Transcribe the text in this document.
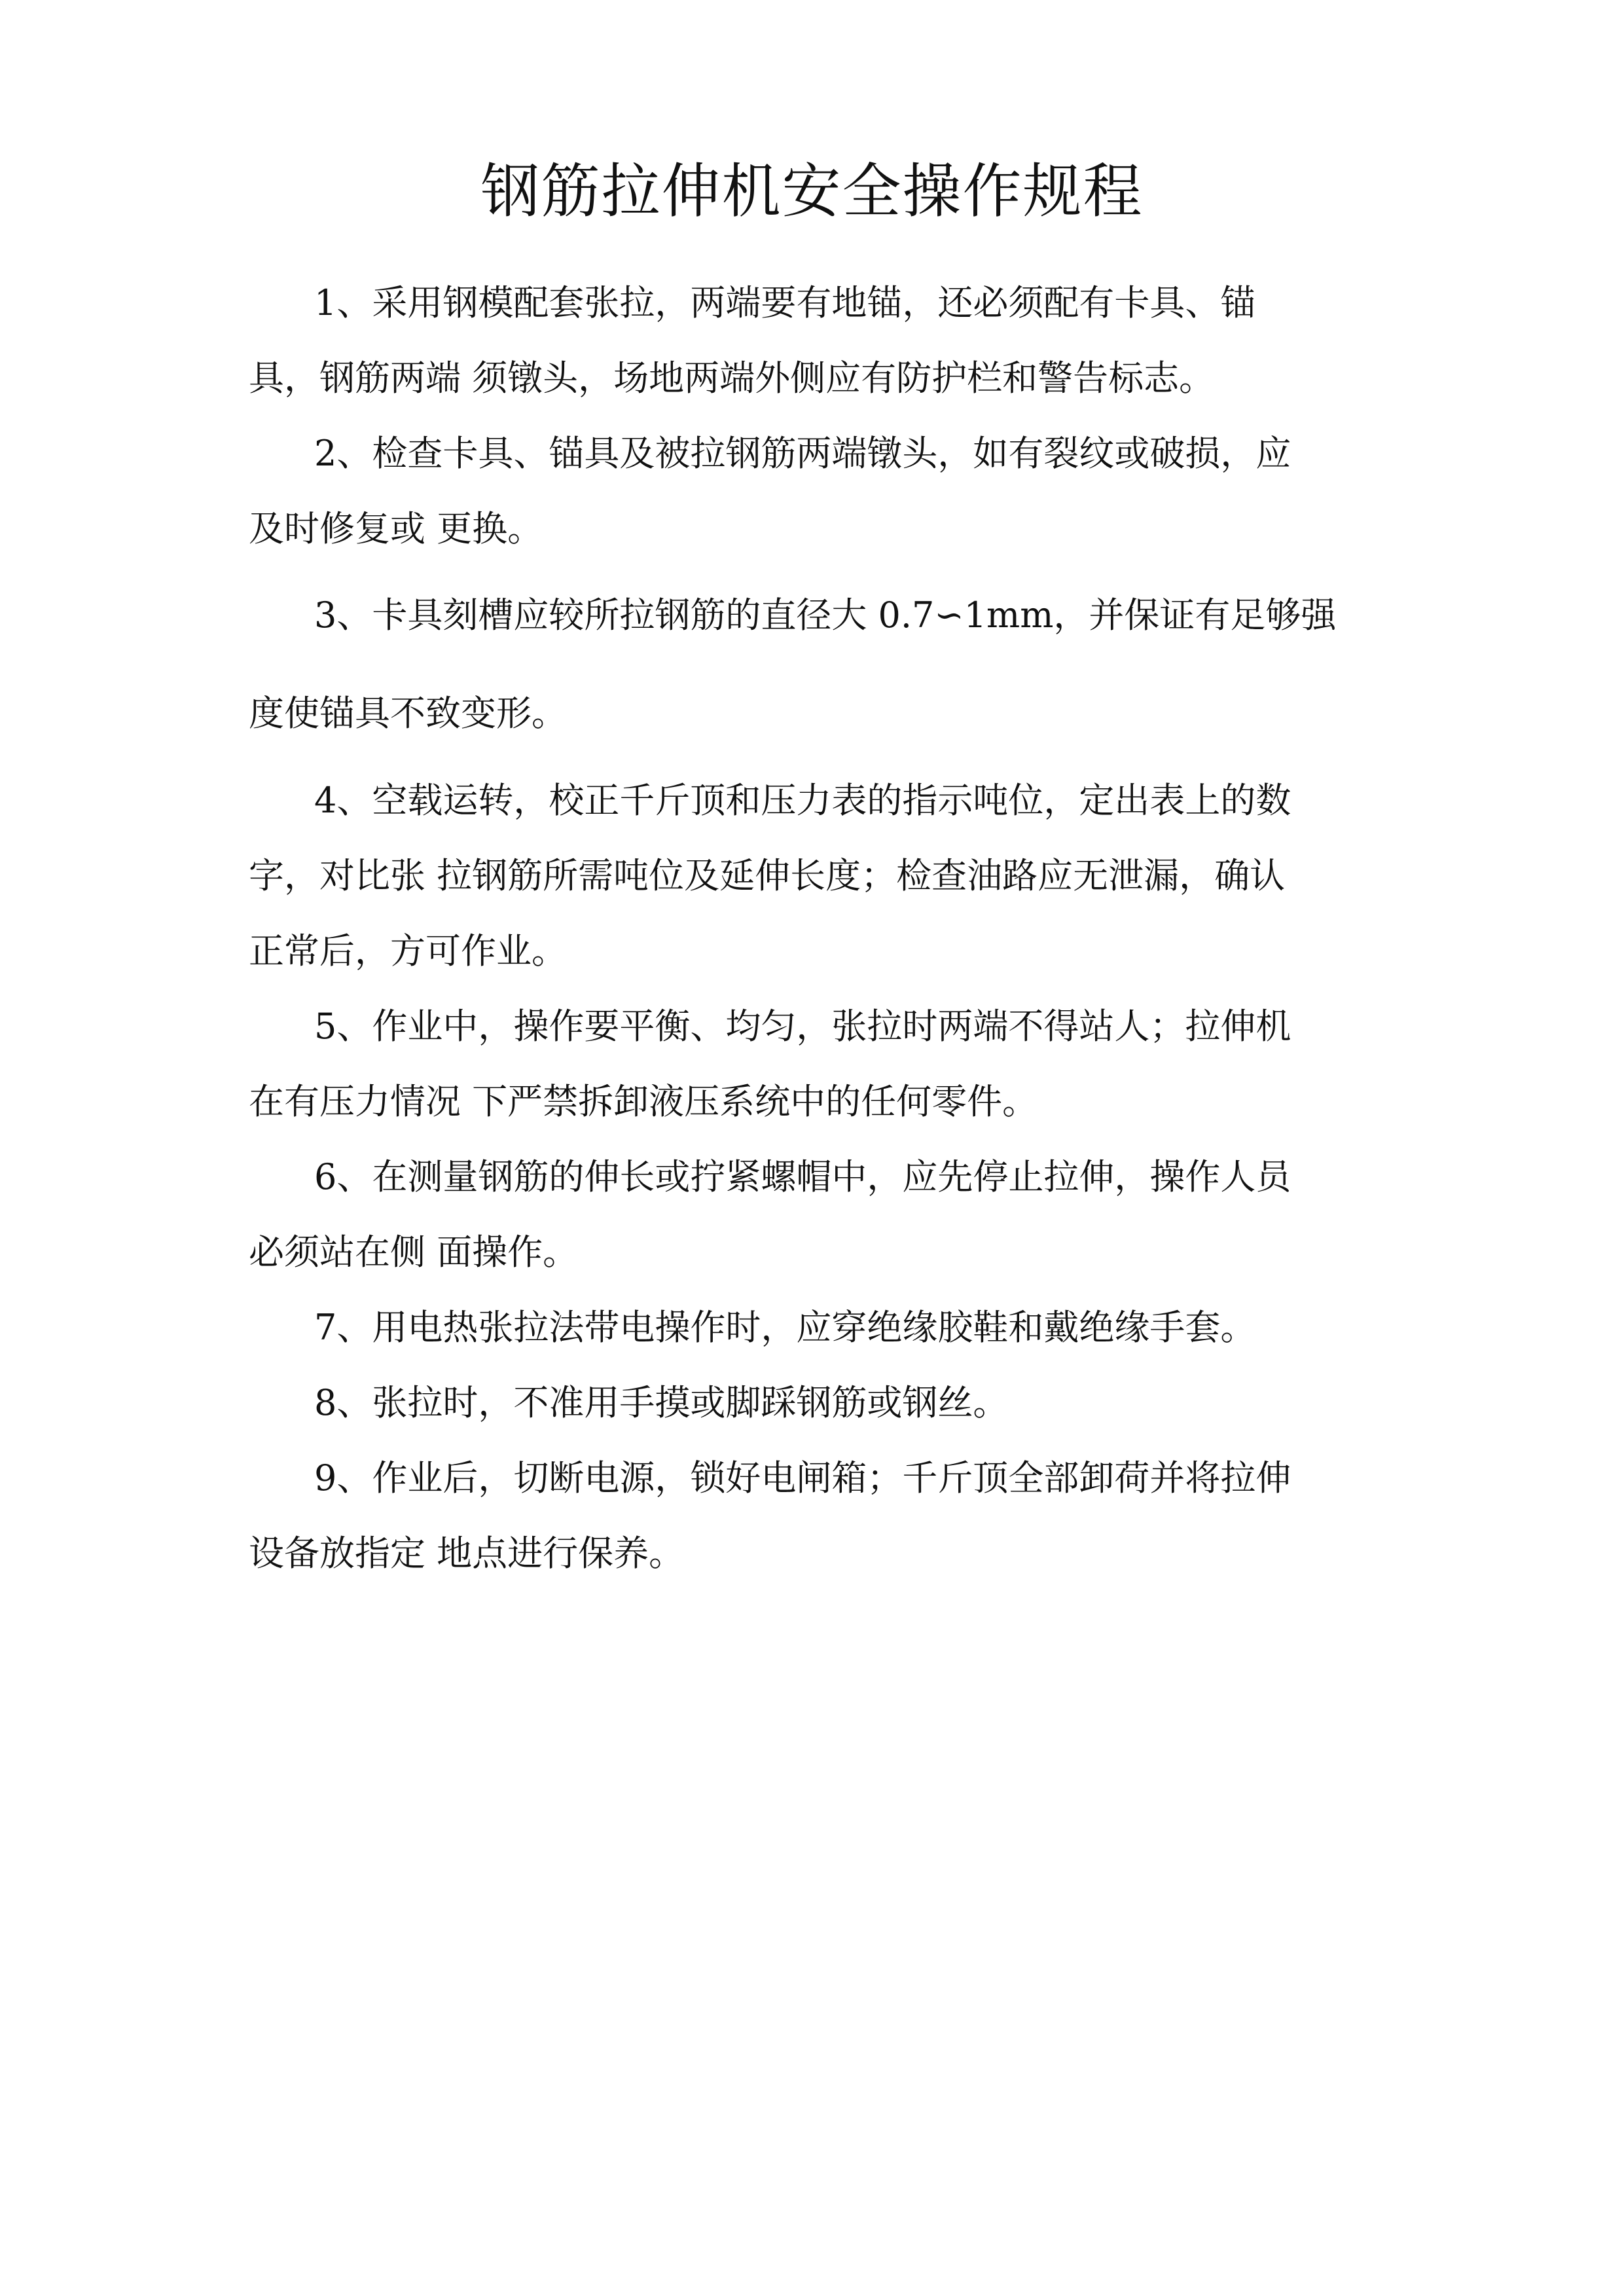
钢筋拉伸机安全操作规程

1、采用钢模配套张拉，两端要有地锚，还必须配有卡具、锚
具，钢筋两端 须镦头，场地两端外侧应有防护栏和警告标志。

2、检查卡具、锚具及被拉钢筋两端镦头，如有裂纹或破损，应
及时修复或 更换。

3、卡具刻槽应较所拉钢筋的直径大 0.7∽1mm，并保证有足够强
度使锚具不致变形。

4、空载运转，校正千斤顶和压力表的指示吨位，定出表上的数
字，对比张 拉钢筋所需吨位及延伸长度；检查油路应无泄漏，确认
正常后，方可作业。

5、作业中，操作要平衡、均匀，张拉时两端不得站人；拉伸机
在有压力情况 下严禁拆卸液压系统中的任何零件。

6、在测量钢筋的伸长或拧紧螺帽中，应先停止拉伸，操作人员
必须站在侧 面操作。

7、用电热张拉法带电操作时，应穿绝缘胶鞋和戴绝缘手套。

8、张拉时，不准用手摸或脚踩钢筋或钢丝。

9、作业后，切断电源，锁好电闸箱；千斤顶全部卸荷并将拉伸
设备放指定 地点进行保养。
